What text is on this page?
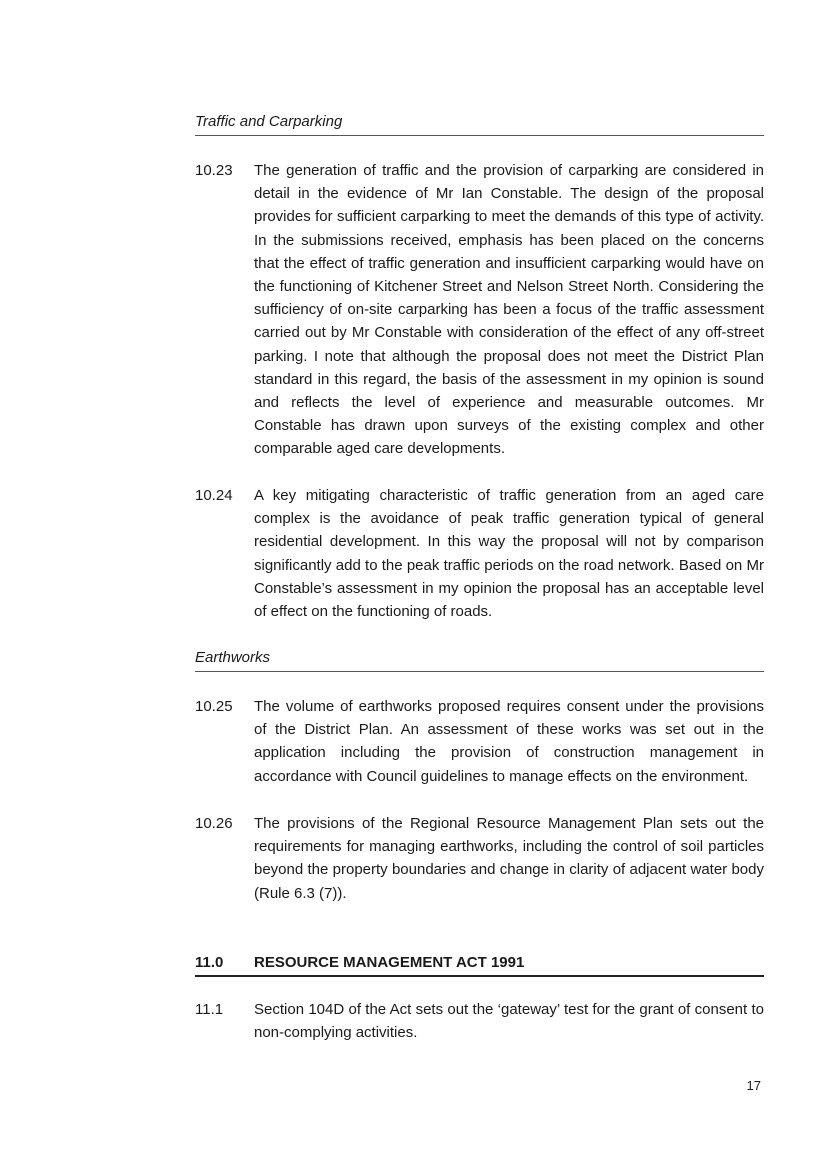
Traffic and Carparking
10.23	The generation of traffic and the provision of carparking are considered in detail in the evidence of Mr Ian Constable. The design of the proposal provides for sufficient carparking to meet the demands of this type of activity. In the submissions received, emphasis has been placed on the concerns that the effect of traffic generation and insufficient carparking would have on the functioning of Kitchener Street and Nelson Street North. Considering the sufficiency of on-site carparking has been a focus of the traffic assessment carried out by Mr Constable with consideration of the effect of any off-street parking. I note that although the proposal does not meet the District Plan standard in this regard, the basis of the assessment in my opinion is sound and reflects the level of experience and measurable outcomes. Mr Constable has drawn upon surveys of the existing complex and other comparable aged care developments.
10.24	A key mitigating characteristic of traffic generation from an aged care complex is the avoidance of peak traffic generation typical of general residential development. In this way the proposal will not by comparison significantly add to the peak traffic periods on the road network. Based on Mr Constable’s assessment in my opinion the proposal has an acceptable level of effect on the functioning of roads.
Earthworks
10.25	The volume of earthworks proposed requires consent under the provisions of the District Plan. An assessment of these works was set out in the application including the provision of construction management in accordance with Council guidelines to manage effects on the environment.
10.26	The provisions of the Regional Resource Management Plan sets out the requirements for managing earthworks, including the control of soil particles beyond the property boundaries and change in clarity of adjacent water body (Rule 6.3 (7)).
11.0 RESOURCE MANAGEMENT ACT 1991
11.1	Section 104D of the Act sets out the ‘gateway’ test for the grant of consent to non-complying activities.
17
